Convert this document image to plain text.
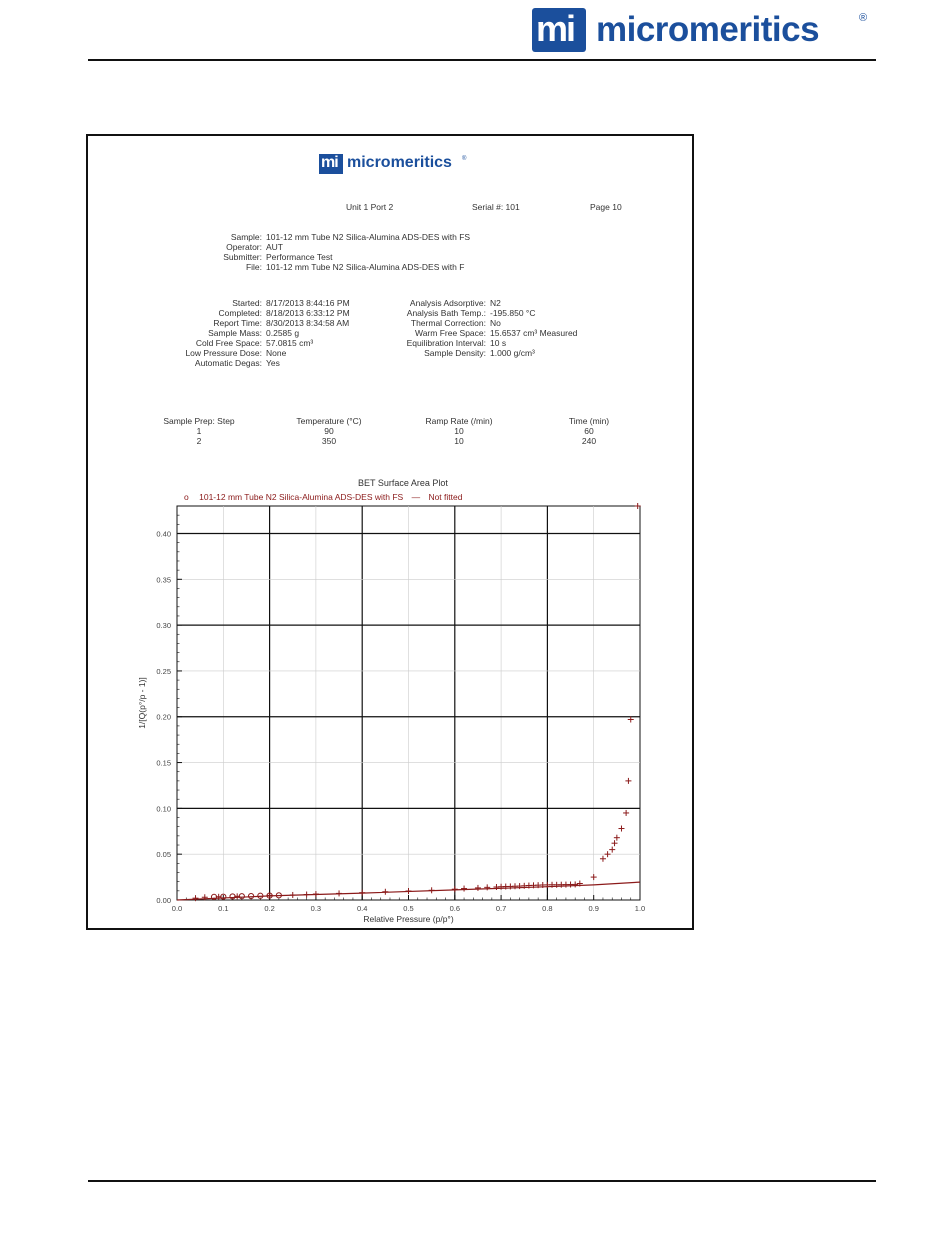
mi micromeritics	®
mi micromeritics ®
Unit 1 Port 2	Serial #: 101	Page 10
Sample: 101-12 mm Tube N2 Silica-Alumina ADS-DES with FS
Operator: AUT
Submitter: Performance Test
File: 101-12 mm Tube N2 Silica-Alumina ADS-DES with F
Started: 8/17/2013 8:44:16 PM
Completed: 8/18/2013 6:33:12 PM
Report Time: 8/30/2013 8:34:58 AM
Sample Mass: 0.2585 g
Cold Free Space: 57.0815 cm³
Low Pressure Dose: None
Automatic Degas: Yes
Analysis Adsorptive: N2
Analysis Bath Temp.: -195.850 °C
Thermal Correction: No
Warm Free Space: 15.6537 cm³ Measured
Equilibration Interval: 10 s
Sample Density: 1.000 g/cm³
Sample Prep: Step	Temperature (°C)	Ramp Rate (/min)	Time (min)
1	90	10	60
2	350	10	240
BET Surface Area Plot
o 101-12 mm Tube N2 Silica-Alumina ADS-DES with FS — Not fitted
0.0	0.1	0.2	0.3	0.4	0.5	0.6	0.7	0.8	0.9	1.0
0.00
0.05
0.10
0.15
0.20
0.25
0.30
0.35
0.40
Relative Pressure (p/p°)
1/[Q(p°/p - 1)]
